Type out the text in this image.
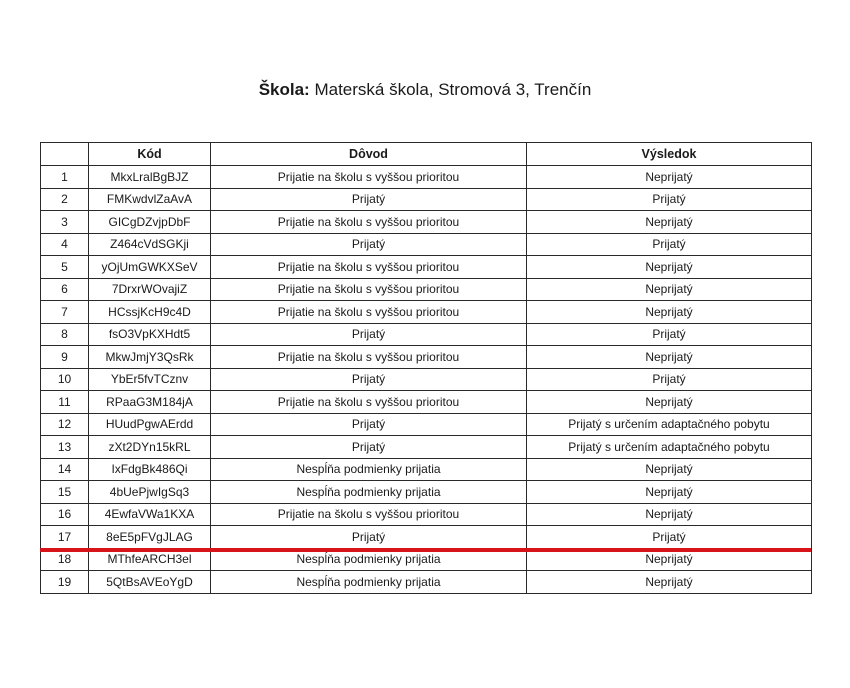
Škola: Materská škola, Stromová 3, Trenčín
	Kód	Dôvod	Výsledok
1	MkxLralBgBJZ	Prijatie na školu s vyššou prioritou	Neprijatý
2	FMKwdvlZaAvA	Prijatý	Prijatý
3	GICgDZvjpDbF	Prijatie na školu s vyššou prioritou	Neprijatý
4	Z464cVdSGKji	Prijatý	Prijatý
5	yOjUmGWKXSeV	Prijatie na školu s vyššou prioritou	Neprijatý
6	7DrxrWOvajiZ	Prijatie na školu s vyššou prioritou	Neprijatý
7	HCssjKcH9c4D	Prijatie na školu s vyššou prioritou	Neprijatý
8	fsO3VpKXHdt5	Prijatý	Prijatý
9	MkwJmjY3QsRk	Prijatie na školu s vyššou prioritou	Neprijatý
10	YbEr5fvTCznv	Prijatý	Prijatý
11	RPaaG3M184jA	Prijatie na školu s vyššou prioritou	Neprijatý
12	HUudPgwAErdd	Prijatý	Prijatý s určením adaptačného pobytu
13	zXt2DYn15kRL	Prijatý	Prijatý s určením adaptačného pobytu
14	IxFdgBk486Qi	Nespĺňa podmienky prijatia	Neprijatý
15	4bUePjwIgSq3	Nespĺňa podmienky prijatia	Neprijatý
16	4EwfaVWa1KXA	Prijatie na školu s vyššou prioritou	Neprijatý
17	8eE5pFVgJLAG	Prijatý	Prijatý
18	MThfeARCH3el	Nespĺňa podmienky prijatia	Neprijatý
19	5QtBsAVEoYgD	Nespĺňa podmienky prijatia	Neprijatý
